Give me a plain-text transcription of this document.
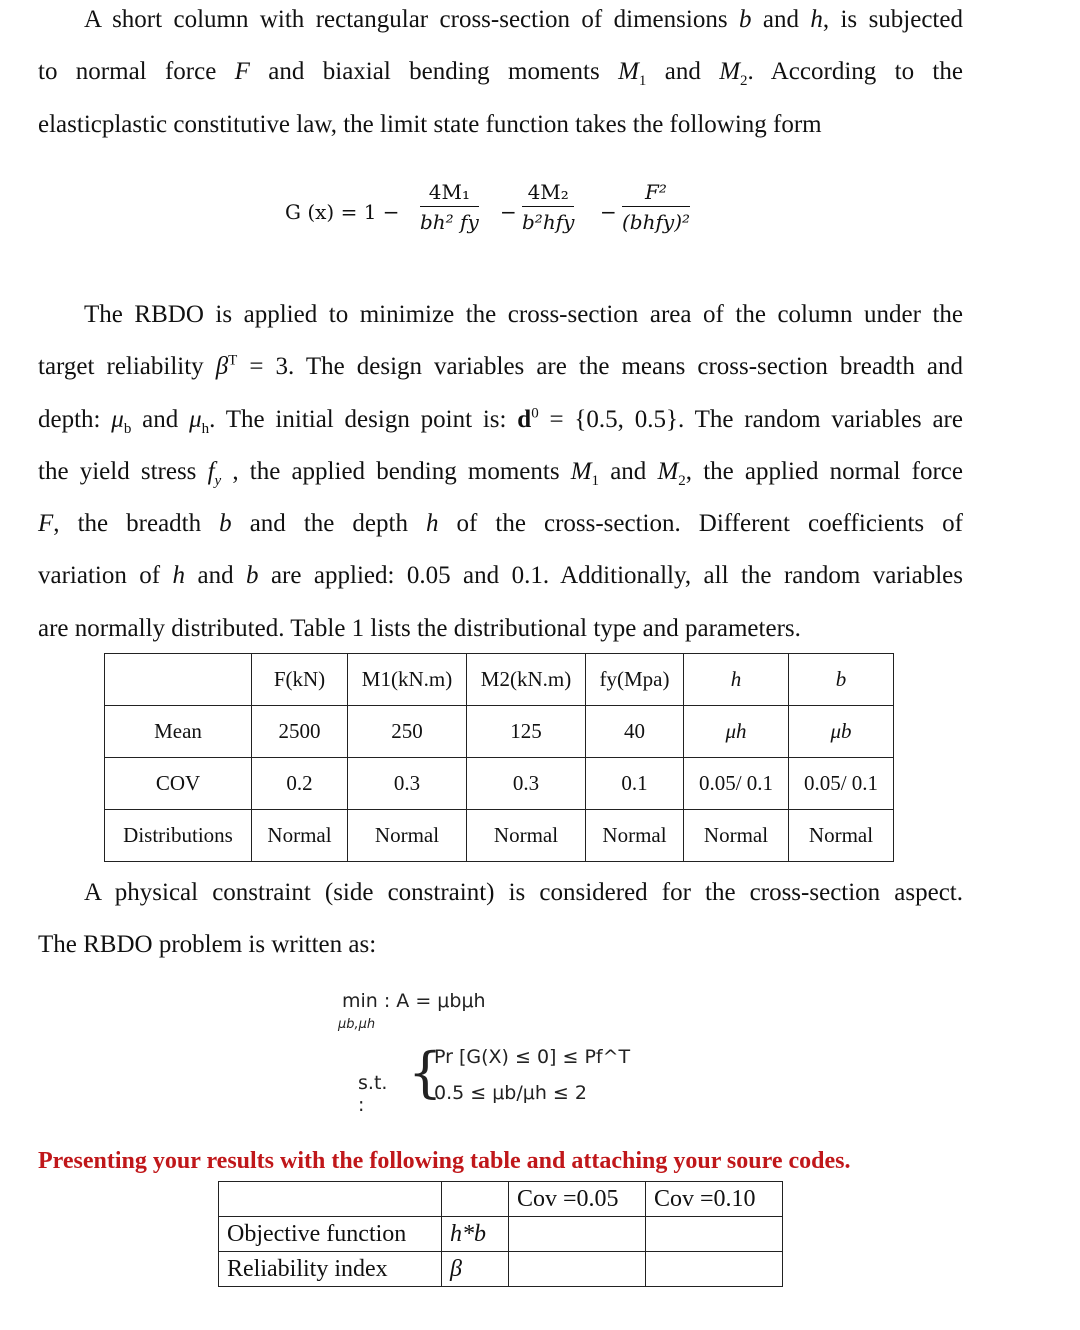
A short column with rectangular cross-section of dimensions b and h, is subjected
to normal force F and biaxial bending moments $M_1$ and $M_2$. According to the
elasticplastic constitutive law, the limit state function takes the following form
G $(x) = 1 - \frac{\text{4M₁}}{\text{bh² fy}}$ −
4M₂
b²hfy −
F²
(bhfy)²
The RBDO is applied to minimize the cross-section area of the column under the
target reliability $\beta^T = 3$. The design variables are the means cross-section breadth and
depth: $\mu_b$ and $\mu_h$. The initial design point is: $d^0 = \{0.5$, 0.5}. The random variables are
the yield stress $f_y$ , the applied bending moments $M_1$ and $M_2$, the applied normal force
F, the breadth b and the depth h of the cross-section. Different coefficients of
variation of h and b are applied: 0.05 and 0.1. Additionally, all the random variables
are normally distributed. Table 1 lists the distributional type and parameters.
	F(kN)	M1(kN.m)	M2(kN.m)	fy(Mpa)	h	b
Mean	2500	250	125	40	μh	μb
COV	0.2	0.3	0.3	0.1	0.05/ 0.1	0.05/ 0.1
Distributions	Normal	Normal	Normal	Normal	Normal	Normal
A physical constraint (side constraint) is considered for the cross-section aspect.
The RBDO problem is written as:
min : A = μbμh
μb,μh
s.t. :
{
Pr [G(X) ≤ 0] ≤ Pf^T
0.5 ≤ μb/μh ≤ 2
Presenting your results with the following table and attaching your soure codes.
		Cov =0.05	Cov =0.10
Objective function	h*b		
Reliability index	β		
